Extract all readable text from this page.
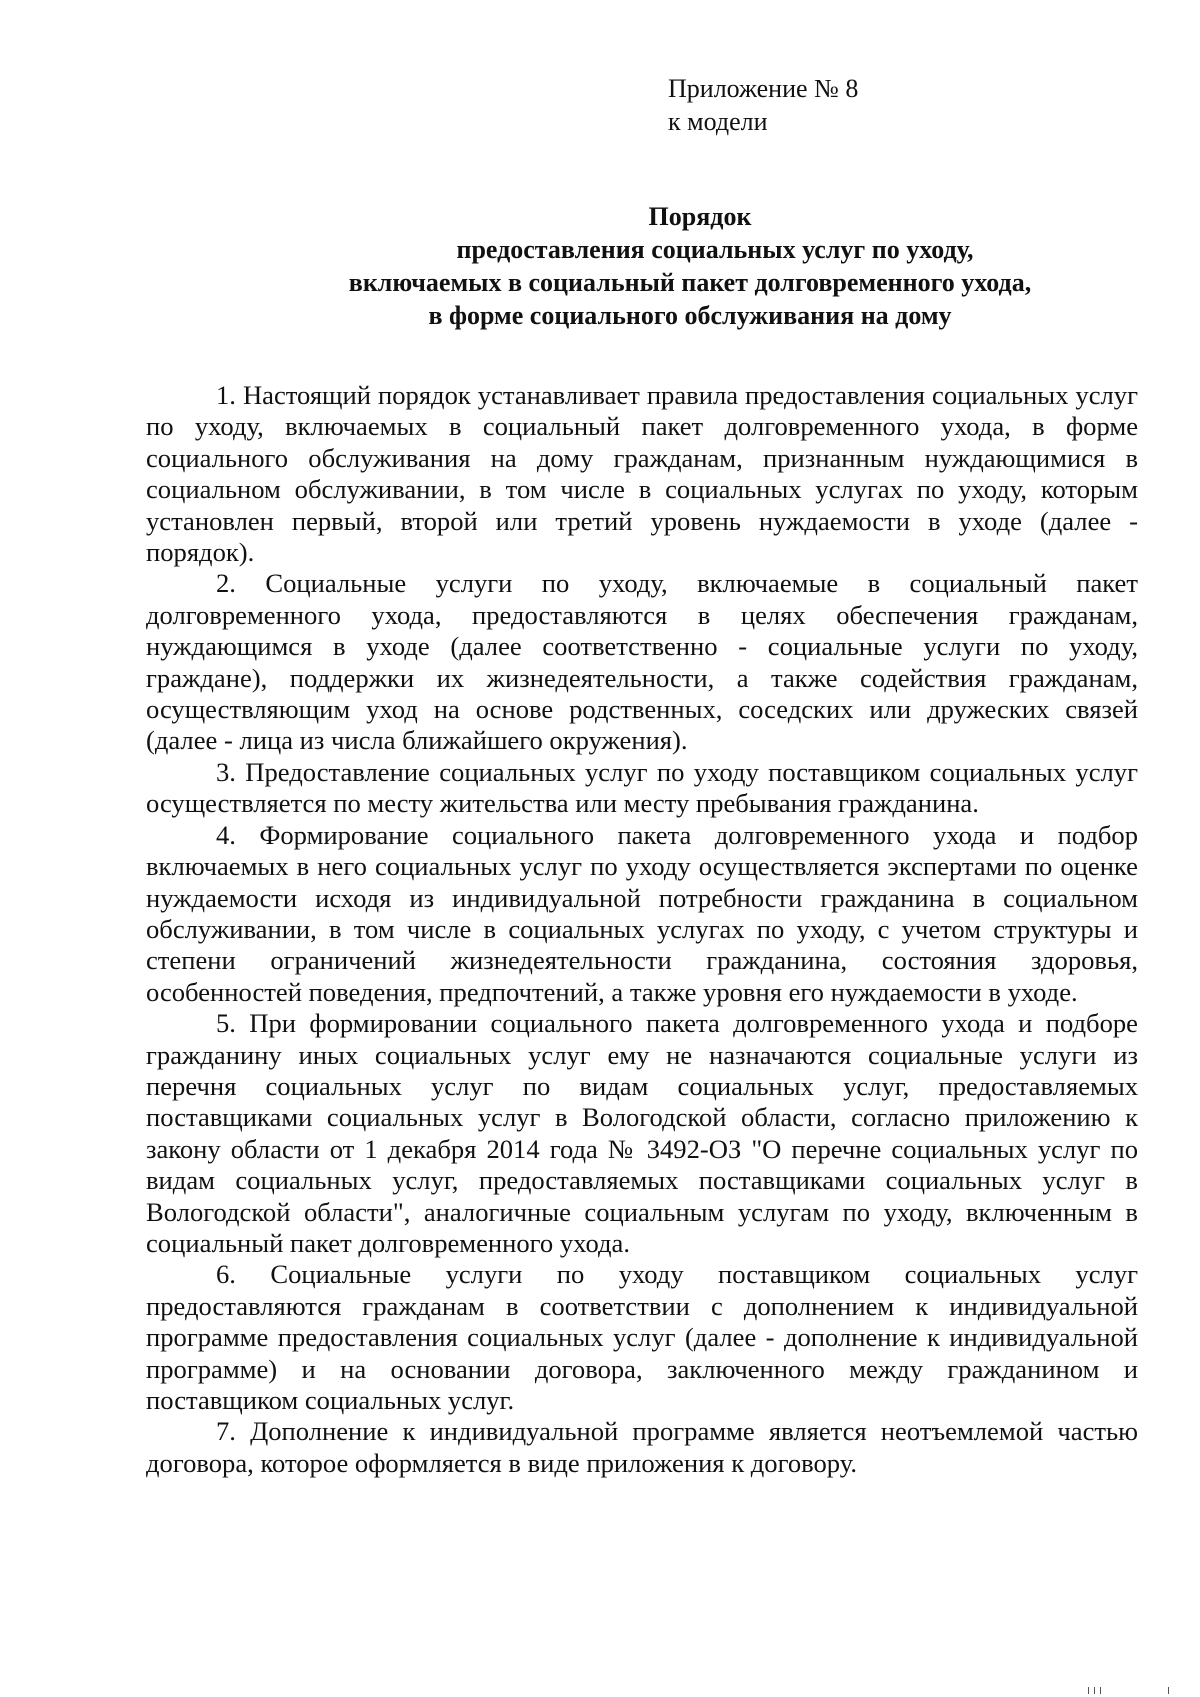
Приложение № 8
к модели
Порядок
предоставления социальных услуг по уходу,
включаемых в социальный пакет долговременного ухода,
в форме социального обслуживания на дому

1. Настоящий порядок устанавливает правила предоставления социальных услуг по уходу, включаемых в социальный пакет долговременного ухода, в форме социального обслуживания на дому гражданам, признанным нуждающимися в социальном обслуживании, в том числе в социальных услугах по уходу, которым установлен первый, второй или третий уровень нуждаемости в уходе (далее - порядок).

2. Социальные услуги по уходу, включаемые в социальный пакет долговременного ухода, предоставляются в целях обеспечения гражданам, нуждающимся в уходе (далее соответственно - социальные услуги по уходу, граждане), поддержки их жизнедеятельности, а также содействия гражданам, осуществляющим уход на основе родственных, соседских или дружеских связей (далее - лица из числа ближайшего окружения).

3. Предоставление социальных услуг по уходу поставщиком социальных услуг осуществляется по месту жительства или месту пребывания гражданина.

4. Формирование социального пакета долговременного ухода и подбор включаемых в него социальных услуг по уходу осуществляется экспертами по оценке нуждаемости исходя из индивидуальной потребности гражданина в социальном обслуживании, в том числе в социальных услугах по уходу, с учетом структуры и степени ограничений жизнедеятельности гражданина, состояния здоровья, особенностей поведения, предпочтений, а также уровня его нуждаемости в уходе.

5. При формировании социального пакета долговременного ухода и подборе гражданину иных социальных услуг ему не назначаются социальные услуги из перечня социальных услуг по видам социальных услуг, предоставляемых поставщиками социальных услуг в Вологодской области, согласно приложению к закону области от 1 декабря 2014 года № 3492-ОЗ "О перечне социальных услуг по видам социальных услуг, предоставляемых поставщиками социальных услуг в Вологодской области", аналогичные социальным услугам по уходу, включенным в социальный пакет долговременного ухода.

6. Социальные услуги по уходу поставщиком социальных услуг предоставляются гражданам в соответствии с дополнением к индивидуальной программе предоставления социальных услуг (далее - дополнение к индивидуальной программе) и на основании договора, заключенного между гражданином и поставщиком социальных услуг.

7. Дополнение к индивидуальной программе является неотъемлемой частью договора, которое оформляется в виде приложения к договору.
